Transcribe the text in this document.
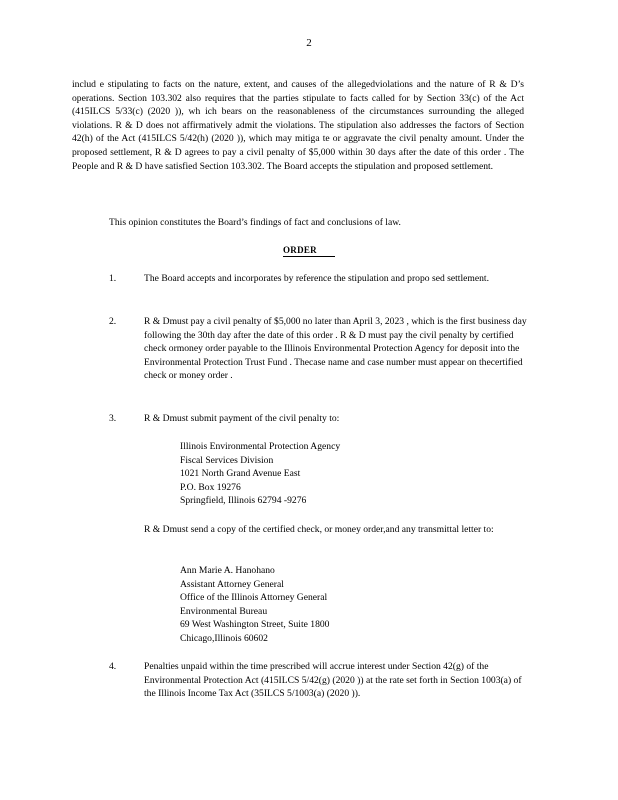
2
includ e stipulating to facts on the nature, extent, and causes of the allegedviolations and the nature of R & D’s operations. Section 103.302 also requires that the parties stipulate to facts called for by Section 33(c) of the Act (415ILCS 5/33(c) (2020 )), wh ich bears on the reasonableness of the circumstances surrounding the alleged violations. R & D does not affirmatively admit the violations. The stipulation also addresses the factors of Section 42(h) of the Act (415ILCS 5/42(h) (2020 )), which may mitiga te or aggravate the civil penalty amount. Under the proposed settlement, R & D agrees to pay a civil penalty of $5,000 within 30 days after the date of this order . The People and R & D have satisfied Section 103.302. The Board accepts the stipulation and proposed settlement.
This opinion constitutes the Board’s findings of fact and conclusions of law.
ORDER
1.	The Board accepts and incorporates by reference the stipulation and propo sed settlement.
2.	R & Dmust pay a civil penalty of $5,000 no later than April 3, 2023 , which is the first business day following the 30th day after the date of this order . R & D must pay the civil penalty by certified check ormoney order payable to the Illinois Environmental Protection Agency for deposit into the Environmental Protection Trust Fund . Thecase name and case number must appear on thecertified check or money order .
3.	R & Dmust submit payment of the civil penalty to:
Illinois Environmental Protection Agency
Fiscal Services Division
1021 North Grand Avenue East
P.O. Box 19276
Springfield, Illinois 62794 -9276
R & Dmust send a copy of the certified check, or money order,and any transmittal letter to:
Ann Marie A. Hanohano
Assistant Attorney General
Office of the Illinois Attorney General
Environmental Bureau
69 West Washington Street, Suite 1800
Chicago,Illinois 60602
4.	Penalties unpaid within the time prescribed will accrue interest under Section 42(g) of the Environmental Protection Act (415ILCS 5/42(g) (2020 )) at the rate set forth in Section 1003(a) of the Illinois Income Tax Act (35ILCS 5/1003(a) (2020 )).
